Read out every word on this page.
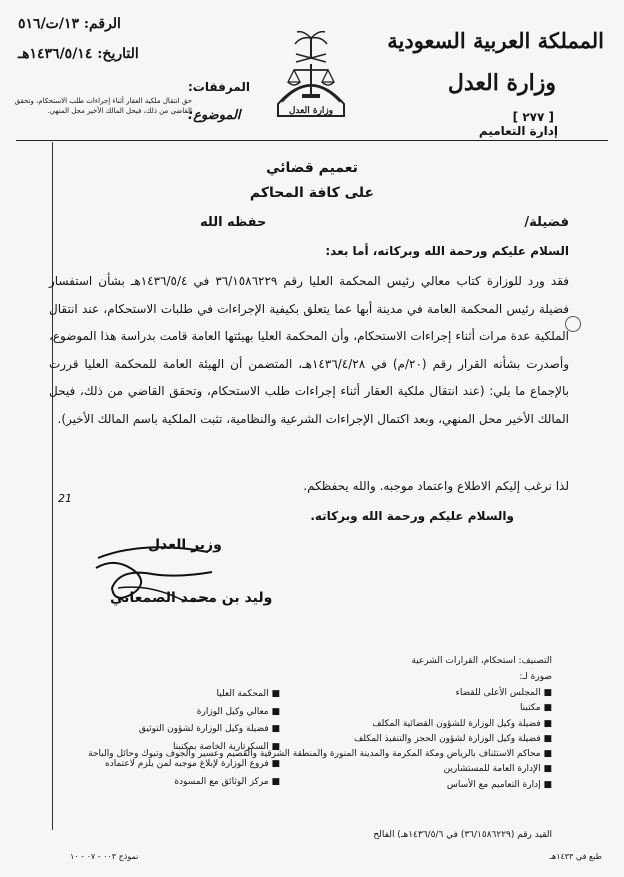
المملكة العربية السعودية
وزارة العدل
[ ٢٧٧ ]
إدارة التعاميم
وزارة العدل
الرقم: ١٣/ت/٥١٦
التاريخ: ١٤٣٦/٥/١٤هـ
المرفقات:
الموضوع:
حق انتقال ملكية العقار أثناء إجراءات طلب الاستحكام، وتحقق القاضي من ذلك، فيحل المالك الأخير محل المنهي.
تعميم قضائي
على كافة المحاكم
فضيلة/
حفظه الله
السلام عليكم ورحمة الله وبركاته، أما بعد:
فقد ورد للوزارة كتاب معالي رئيس المحكمة العليا رقم ٣٦/١٥٨٦٢٢٩ في ١٤٣٦/٥/٤هـ بشأن استفسار فضيلة رئيس المحكمة العامة في مدينة أبها عما يتعلق بكيفية الإجراءات في طلبات الاستحكام، عند انتقال الملكية عدة مرات أثناء إجراءات الاستحكام، وأن المحكمة العليا بهيئتها العامة قامت بدراسة هذا الموضوع، وأصدرت بشأنه القرار رقم (٢٠/م) في ١٤٣٦/٤/٢٨هـ، المتضمن أن الهيئة العامة للمحكمة العليا قررت بالإجماع ما يلي: (عند انتقال ملكية العقار أثناء إجراءات طلب الاستحكام، وتحقق القاضي من ذلك، فيحل المالك الأخير محل المنهي، وبعد اكتمال الإجراءات الشرعية والنظامية، تثبت الملكية باسم المالك الأخير).
لذا نرغب إليكم الاطلاع واعتماد موجبه. والله يحفظكم.
21
والسلام عليكم ورحمة الله وبركاته.
وزير العدل
وليد بن محمد الصمعاني
التصنيف: استحكام، القرارات الشرعية
صورة لـ:
■ المجلس الأعلى للقضاء
■ مكتبنا
■ فضيلة وكيل الوزارة للشؤون القضائية المكلف
■ فضيلة وكيل الوزارة لشؤون الحجز والتنفيذ المكلف
■ محاكم الاستئناف بالرياض ومكة المكرمة والمدينة المنورة والمنطقة الشرقية والقصيم وعسير والجوف وتبوك وحائل والباحة
■ الإدارة العامة للمستشارين
■ إدارة التعاميم مع الأساس
■ المحكمة العليا
■ معالي وكيل الوزارة
■ فضيلة وكيل الوزارة لشؤون التوثيق
■ السكرتارية الخاصة بمكتبنا
■ فروع الوزارة لإبلاغ موجبه لمن يلزم لاعتماده
■ مركز الوثائق مع المسودة
القيد رقم (٣٦/١٥٨٦٢٢٩) في ١٤٣٦/٥/٦هـ) الفالح
طبع في ١٤٣٣هـ
نموذج ٠٠٣ - ٠٧ - ١٠
